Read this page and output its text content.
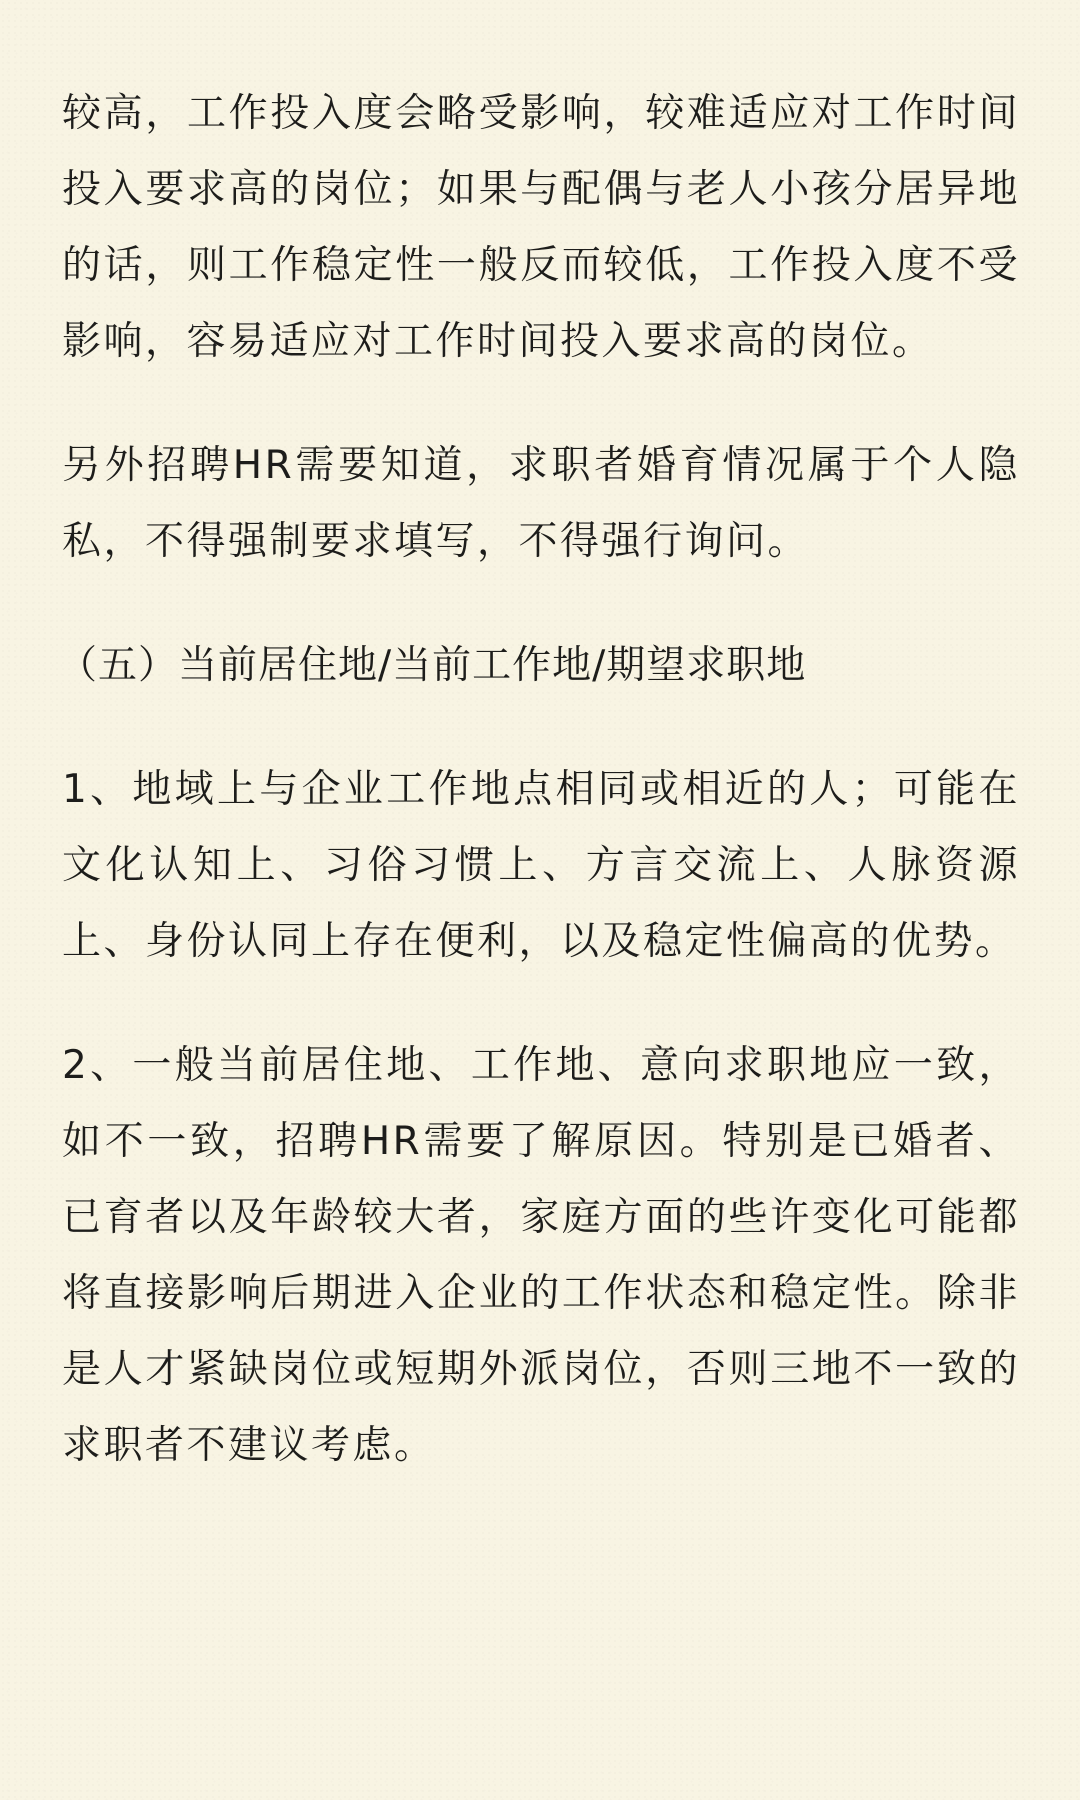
较高，工作投入度会略受影响，较难适应对工作时间投入要求高的岗位；如果与配偶与老人小孩分居异地的话，则工作稳定性一般反而较低，工作投入度不受影响，容易适应对工作时间投入要求高的岗位。

另外招聘HR需要知道，求职者婚育情况属于个人隐私，不得强制要求填写，不得强行询问。

（五）当前居住地/当前工作地/期望求职地

1、地域上与企业工作地点相同或相近的人；可能在文化认知上、习俗习惯上、方言交流上、人脉资源上、身份认同上存在便利，以及稳定性偏高的优势。

2、一般当前居住地、工作地、意向求职地应一致，如不一致，招聘HR需要了解原因。特别是已婚者、已育者以及年龄较大者，家庭方面的些许变化可能都将直接影响后期进入企业的工作状态和稳定性。除非是人才紧缺岗位或短期外派岗位，否则三地不一致的求职者不建议考虑。
